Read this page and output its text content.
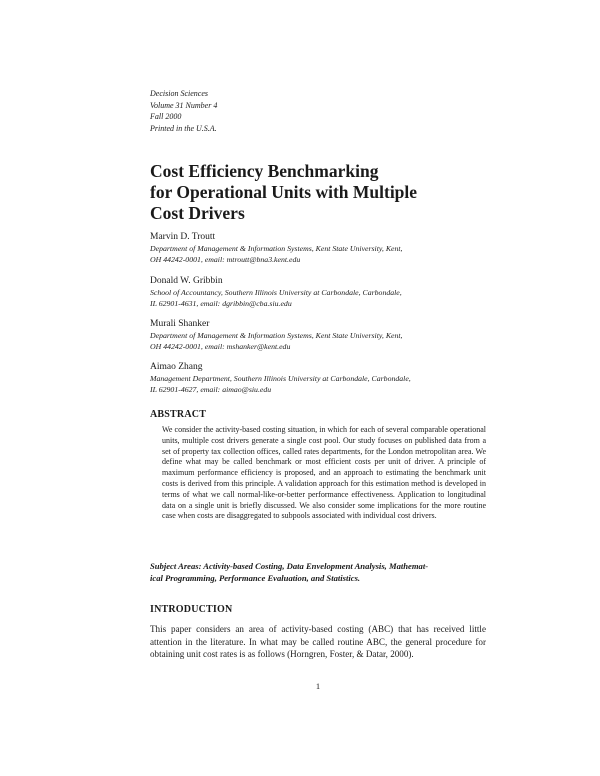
Decision Sciences
Volume 31 Number 4
Fall 2000
Printed in the U.S.A.
Cost Efficiency Benchmarking
for Operational Units with Multiple
Cost Drivers
Marvin D. Troutt
Department of Management & Information Systems, Kent State University, Kent,
OH 44242-0001, email: mtroutt@bna3.kent.edu
Donald W. Gribbin
School of Accountancy, Southern Illinois University at Carbondale, Carbondale,
IL 62901-4631, email: dgribbin@cba.siu.edu
Murali Shanker
Department of Management & Information Systems, Kent State University, Kent,
OH 44242-0001, email: mshanker@kent.edu
Aimao Zhang
Management Department, Southern Illinois University at Carbondale, Carbondale,
IL 62901-4627, email: aimao@siu.edu
ABSTRACT
We consider the activity-based costing situation, in which for each of several comparable operational units, multiple cost drivers generate a single cost pool. Our study focuses on published data from a set of property tax collection offices, called rates departments, for the London metropolitan area. We define what may be called benchmark or most efficient costs per unit of driver. A principle of maximum performance efficiency is proposed, and an approach to estimating the benchmark unit costs is derived from this principle. A validation approach for this estimation method is developed in terms of what we call normal-like-or-better performance effectiveness. Application to longitudinal data on a single unit is briefly discussed. We also consider some implications for the more routine case when costs are disaggregated to subpools associated with individual cost drivers.
Subject Areas: Activity-based Costing, Data Envelopment Analysis, Mathemat-
ical Programming, Performance Evaluation, and Statistics.
INTRODUCTION
This paper considers an area of activity-based costing (ABC) that has received little attention in the literature. In what may be called routine ABC, the general procedure for obtaining unit cost rates is as follows (Horngren, Foster, & Datar, 2000).
1
